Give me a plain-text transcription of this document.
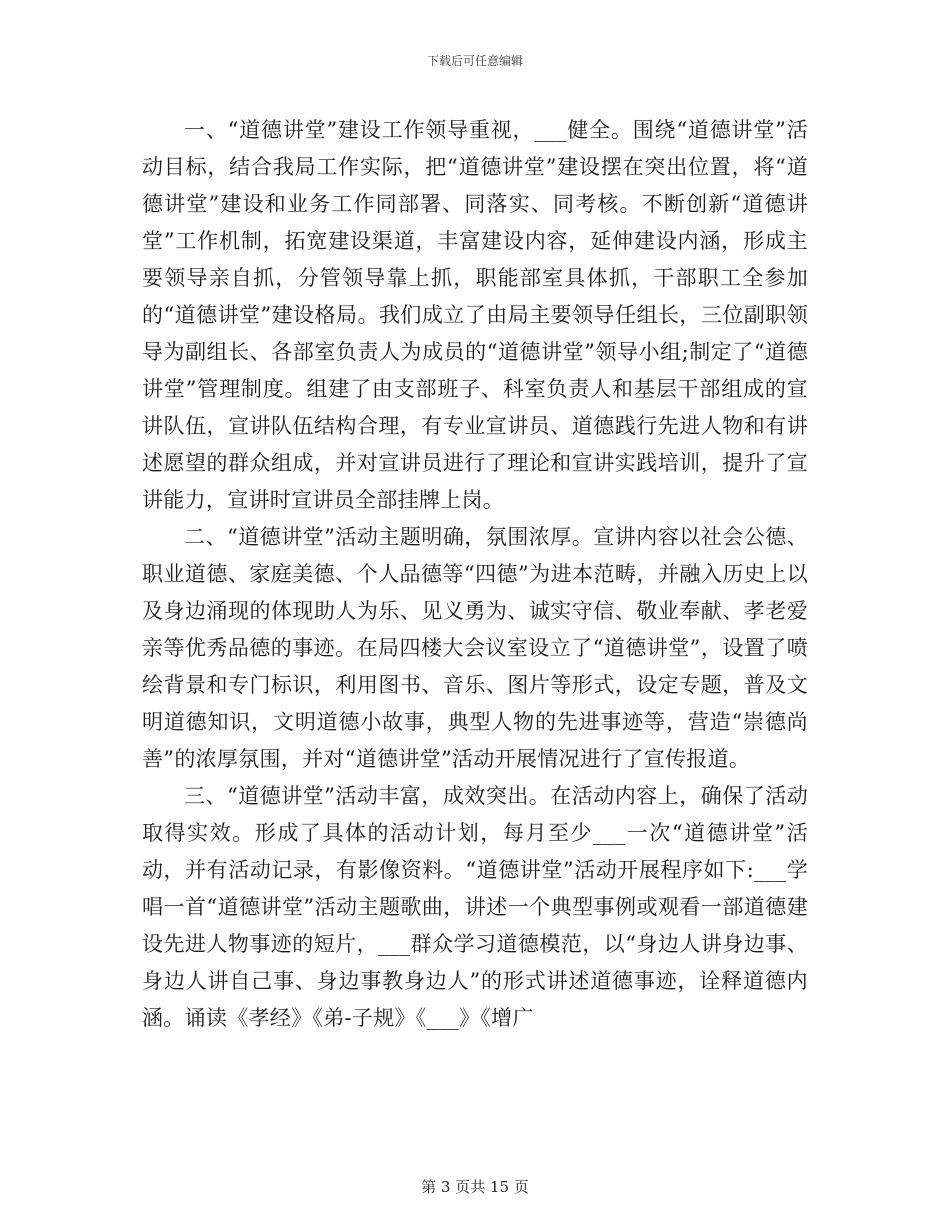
下载后可任意编辑

一、“道德讲堂”建设工作领导重视，___健全。围绕“道德讲堂”活动目标，结合我局工作实际，把“道德讲堂”建设摆在突出位置，将“道德讲堂”建设和业务工作同部署、同落实、同考核。不断创新“道德讲堂”工作机制，拓宽建设渠道，丰富建设内容，延伸建设内涵，形成主要领导亲自抓，分管领导靠上抓，职能部室具体抓，干部职工全参加的“道德讲堂”建设格局。我们成立了由局主要领导任组长，三位副职领导为副组长、各部室负责人为成员的“道德讲堂”领导小组;制定了“道德讲堂”管理制度。组建了由支部班子、科室负责人和基层干部组成的宣讲队伍，宣讲队伍结构合理，有专业宣讲员、道德践行先进人物和有讲述愿望的群众组成，并对宣讲员进行了理论和宣讲实践培训，提升了宣讲能力，宣讲时宣讲员全部挂牌上岗。

二、“道德讲堂”活动主题明确，氛围浓厚。宣讲内容以社会公德、职业道德、家庭美德、个人品德等“四德”为进本范畴，并融入历史上以及身边涌现的体现助人为乐、见义勇为、诚实守信、敬业奉献、孝老爱亲等优秀品德的事迹。在局四楼大会议室设立了“道德讲堂”，设置了喷绘背景和专门标识，利用图书、音乐、图片等形式，设定专题，普及文明道德知识，文明道德小故事，典型人物的先进事迹等，营造“崇德尚善”的浓厚氛围，并对“道德讲堂”活动开展情况进行了宣传报道。

三、“道德讲堂”活动丰富，成效突出。在活动内容上，确保了活动取得实效。形成了具体的活动计划，每月至少___一次“道德讲堂”活动，并有活动记录，有影像资料。“道德讲堂”活动开展程序如下:___学唱一首“道德讲堂”活动主题歌曲，讲述一个典型事例或观看一部道德建设先进人物事迹的短片，___群众学习道德模范，以“身边人讲身边事、身边人讲自己事、身边事教身边人”的形式讲述道德事迹，诠释道德内涵。诵读《孝经》《弟-子规》《___》《增广

第 3 页共 15 页
